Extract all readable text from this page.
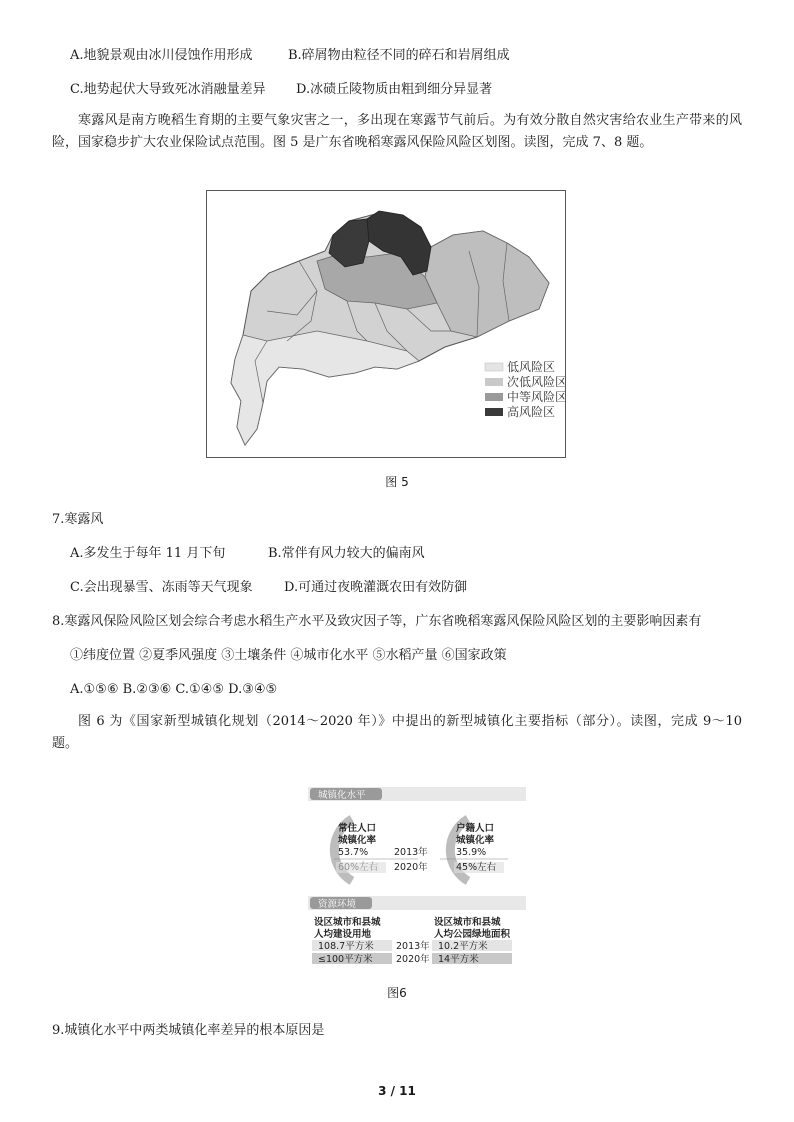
A.地貌景观由冰川侵蚀作用形成	B.碎屑物由粒径不同的碎石和岩屑组成
C.地势起伏大导致死冰消融量差异 D.冰碛丘陵物质由粗到细分异显著
寒露风是南方晚稻生育期的主要气象灾害之一，多出现在寒露节气前后。为有效分散自然灾害给农业生产带来的风险，国家稳步扩大农业保险试点范围。图 5 是广东省晚稻寒露风保险风险区划图。读图，完成 7、8 题。
低风险区
次低风险区
中等风险区
高风险区
图 5
7.寒露风
A.多发生于每年 11 月下旬	B.常伴有风力较大的偏南风
C.会出现暴雪、冻雨等天气现象 D.可通过夜晚灌溉农田有效防御
8.寒露风保险风险区划会综合考虑水稻生产水平及致灾因子等，广东省晚稻寒露风保险风险区划的主要影响因素有
①纬度位置 ②夏季风强度 ③土壤条件 ④城市化水平 ⑤水稻产量 ⑥国家政策
A.①⑤⑥ B.②③⑥ C.①④⑤ D.③④⑤
图 6 为《国家新型城镇化规划（2014～2020 年）》中提出的新型城镇化主要指标（部分）。读图，完成 9～10 题。
城镇化水平
常住人口
城镇化率
53.7%	2013年
2020年
户籍人口
城镇化率
35.9%
45%左右
资源环境
设区城市和县城
人均建设用地
108.7平方米
≤100平方米
2013年
2020年
设区城市和县城
人均公园绿地面积
10.2平方米
14平方米
图6
9.城镇化水平中两类城镇化率差异的根本原因是
3 / 11
